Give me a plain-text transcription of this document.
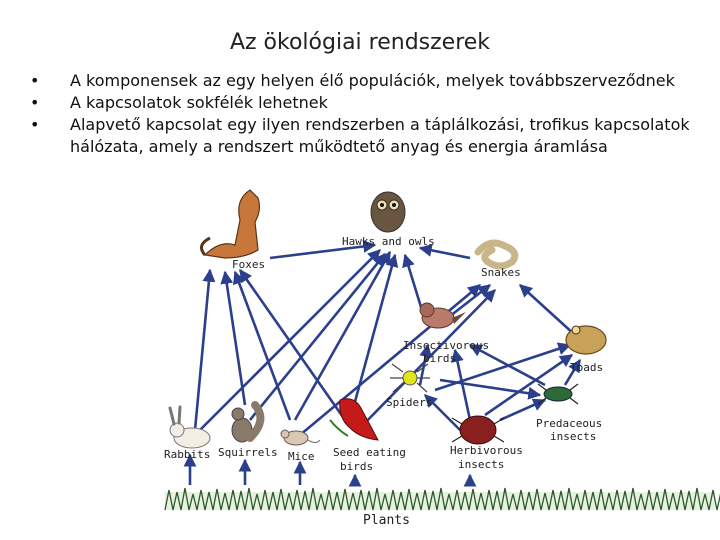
Az ökológiai rendszerek
• A komponensek az egy helyen élő populációk, melyek továbbszerveződnek
• A kapcsolatok sokfélék lehetnek
• Alapvető kapcsolat egy ilyen rendszerben a táplálkozási, trofikus kapcsolatok hálózata, amely a rendszert működtető anyag és energia áramlása
Foxes
Hawks and owls
Snakes
Insectivorous
birds
Toads
Spiders
Predaceous
insects
Rabbits Squirrels Mice Seed eating
birds
Herbivorous
insects
Plants
